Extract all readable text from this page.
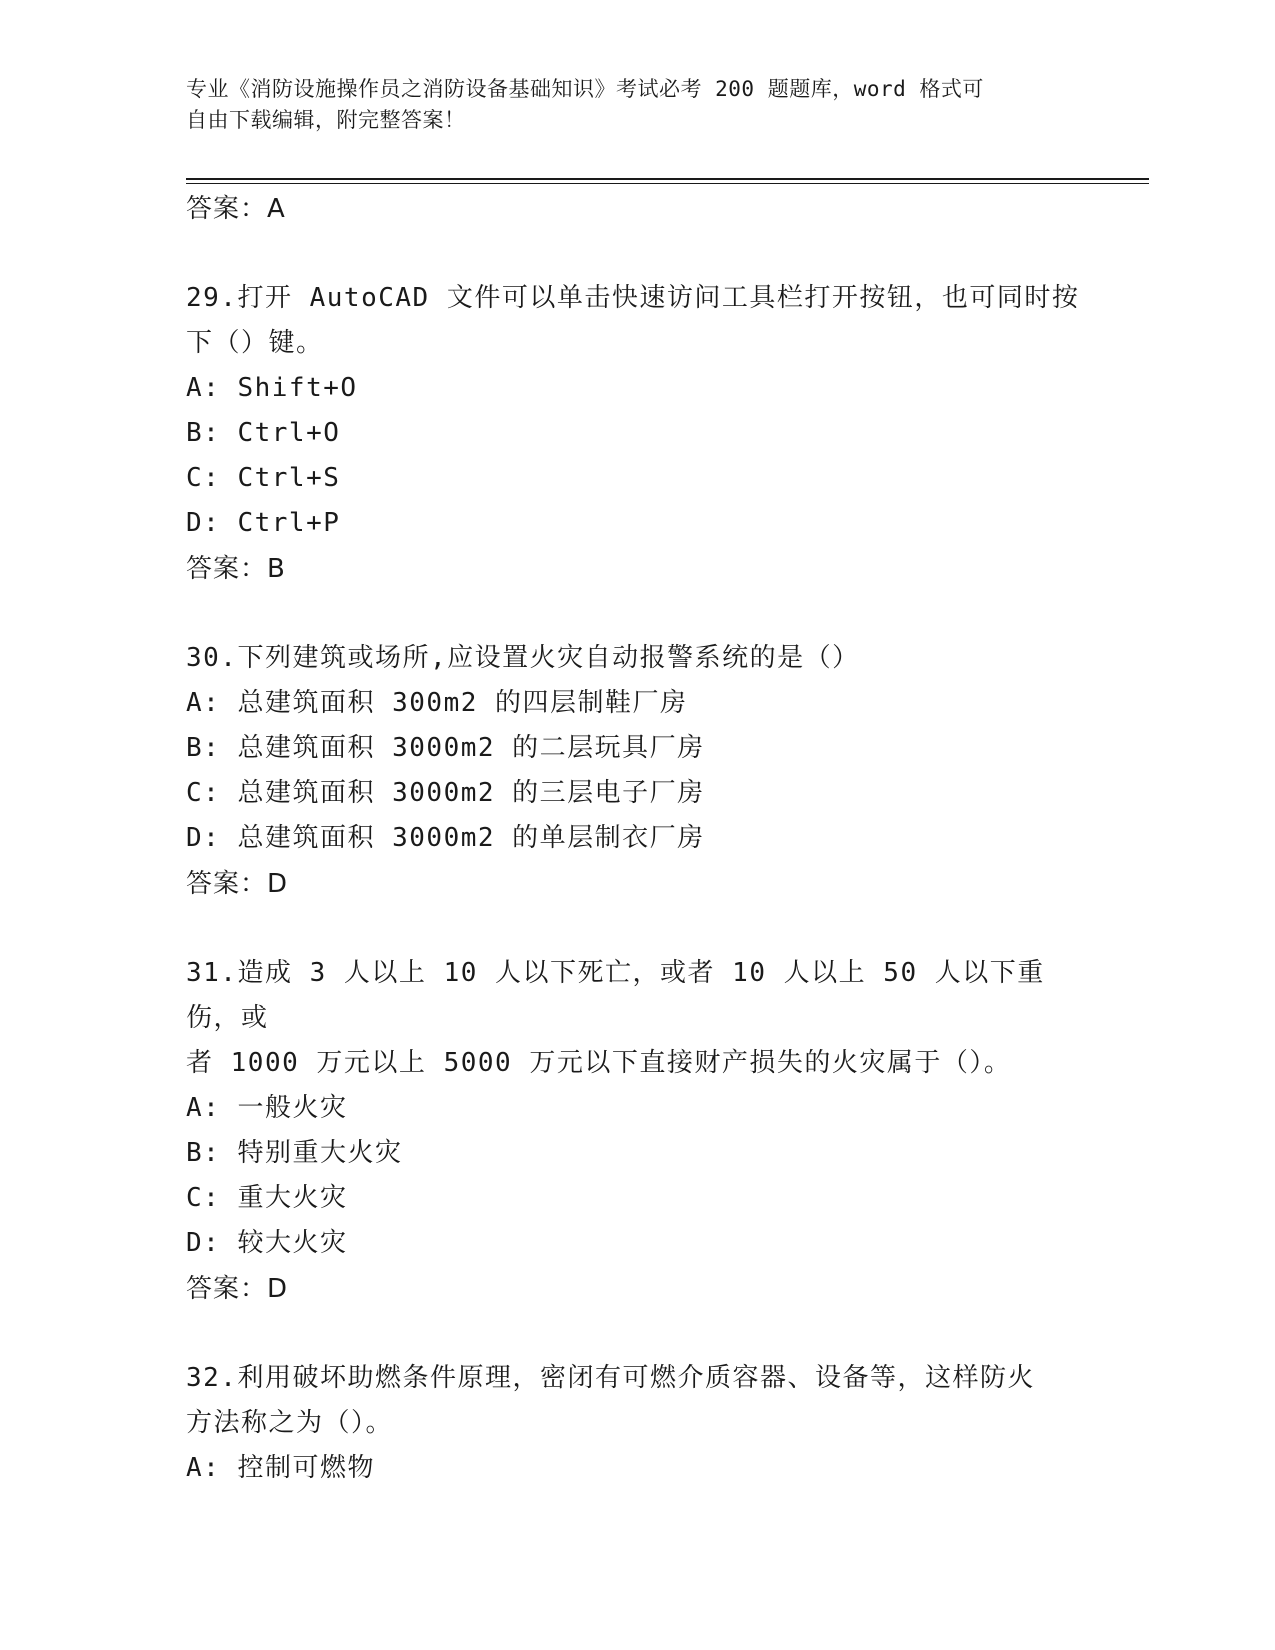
专业《消防设施操作员之消防设备基础知识》考试必考 200 题题库，word 格式可
自由下载编辑，附完整答案！
答案：A
29.打开 AutoCAD 文件可以单击快速访问工具栏打开按钮，也可同时按
下（）键。
A: Shift+O
B: Ctrl+O
C: Ctrl+S
D: Ctrl+P
答案：B
30.下列建筑或场所,应设置火灾自动报警系统的是（）
A: 总建筑面积 300m2 的四层制鞋厂房
B: 总建筑面积 3000m2 的二层玩具厂房
C: 总建筑面积 3000m2 的三层电子厂房
D: 总建筑面积 3000m2 的单层制衣厂房
答案：D
31.造成 3 人以上 10 人以下死亡，或者 10 人以上 50 人以下重伤，或
者 1000 万元以上 5000 万元以下直接财产损失的火灾属于（）。
A: 一般火灾
B: 特别重大火灾
C: 重大火灾
D: 较大火灾
答案：D
32.利用破坏助燃条件原理，密闭有可燃介质容器、设备等，这样防火
方法称之为（）。
A: 控制可燃物
